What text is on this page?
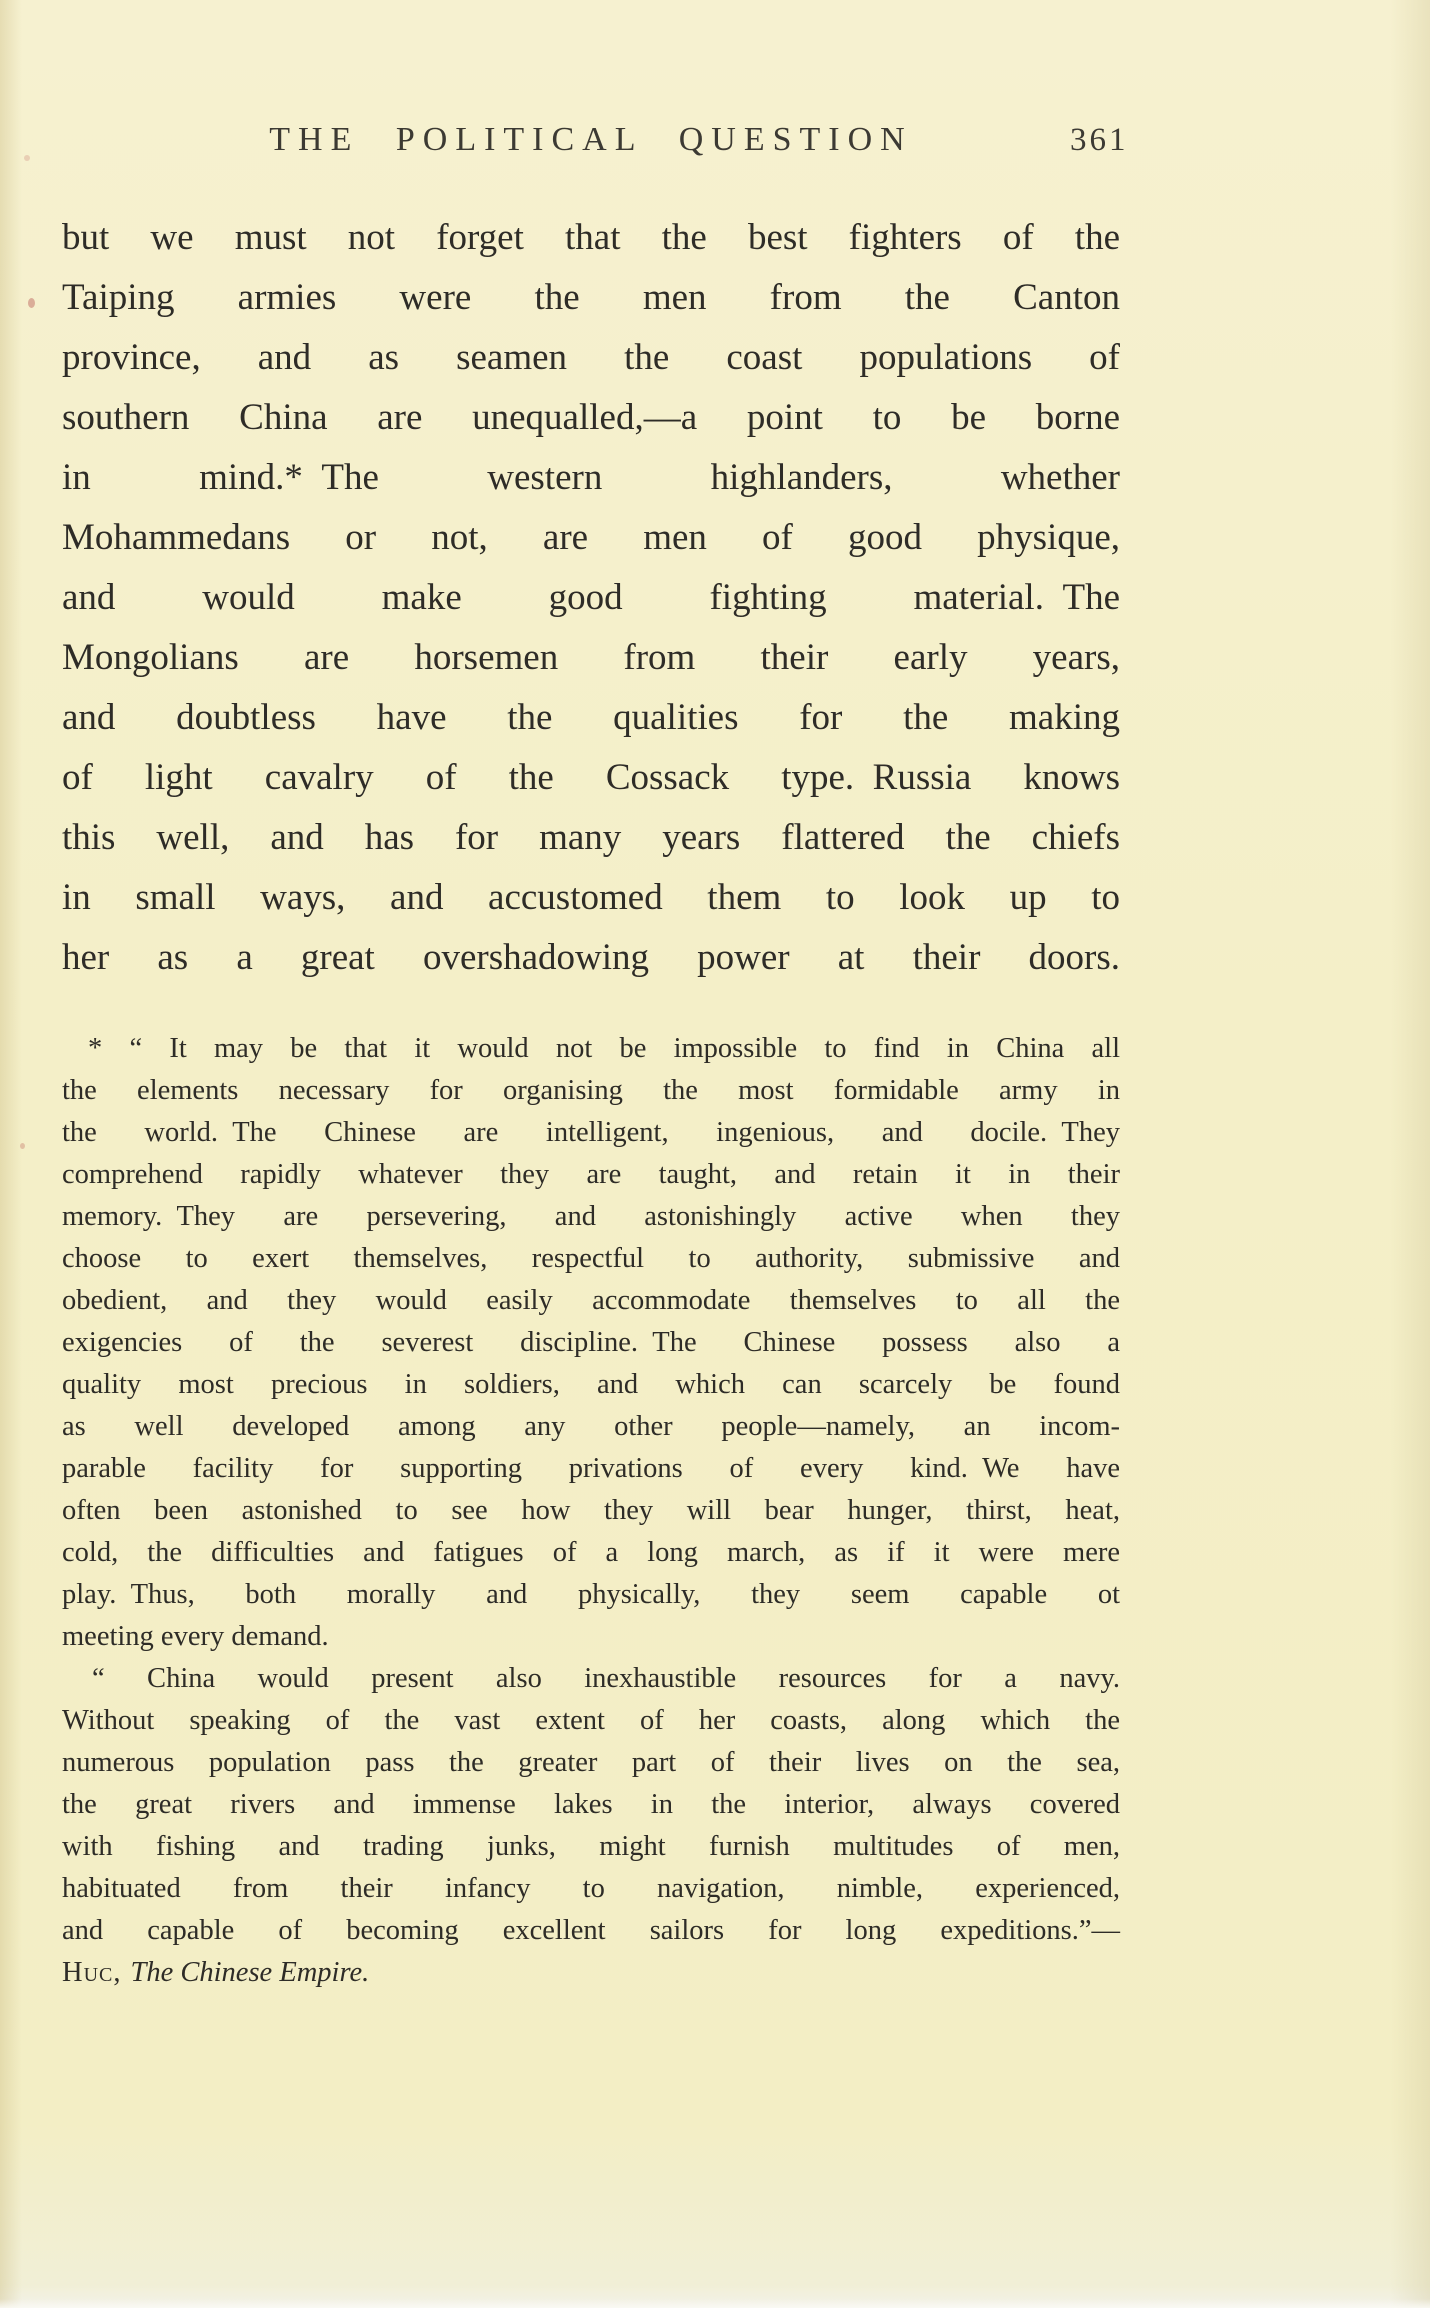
THE POLITICAL QUESTION	361
but we must not forget that the best fighters of the
Taiping armies were the men from the Canton
province, and as seamen the coast populations of
southern China are unequalled,—a point to be borne
in mind.* The western highlanders, whether
Mohammedans or not, are men of good physique,
and would make good fighting material. The
Mongolians are horsemen from their early years,
and doubtless have the qualities for the making
of light cavalry of the Cossack type. Russia knows
this well, and has for many years flattered the chiefs
in small ways, and accustomed them to look up to
her as a great overshadowing power at their doors.
* “ It may be that it would not be impossible to find in China all
the elements necessary for organising the most formidable army in
the world. The Chinese are intelligent, ingenious, and docile. They
comprehend rapidly whatever they are taught, and retain it in their
memory. They are persevering, and astonishingly active when they
choose to exert themselves, respectful to authority, submissive and
obedient, and they would easily accommodate themselves to all the
exigencies of the severest discipline. The Chinese possess also a
quality most precious in soldiers, and which can scarcely be found
as well developed among any other people—namely, an incom-
parable facility for supporting privations of every kind. We have
often been astonished to see how they will bear hunger, thirst, heat,
cold, the difficulties and fatigues of a long march, as if it were mere
play. Thus, both morally and physically, they seem capable ot
meeting every demand.
“ China would present also inexhaustible resources for a navy.
Without speaking of the vast extent of her coasts, along which the
numerous population pass the greater part of their lives on the sea,
the great rivers and immense lakes in the interior, always covered
with fishing and trading junks, might furnish multitudes of men,
habituated from their infancy to navigation, nimble, experienced,
and capable of becoming excellent sailors for long expeditions.”—
Huc, The Chinese Empire.
